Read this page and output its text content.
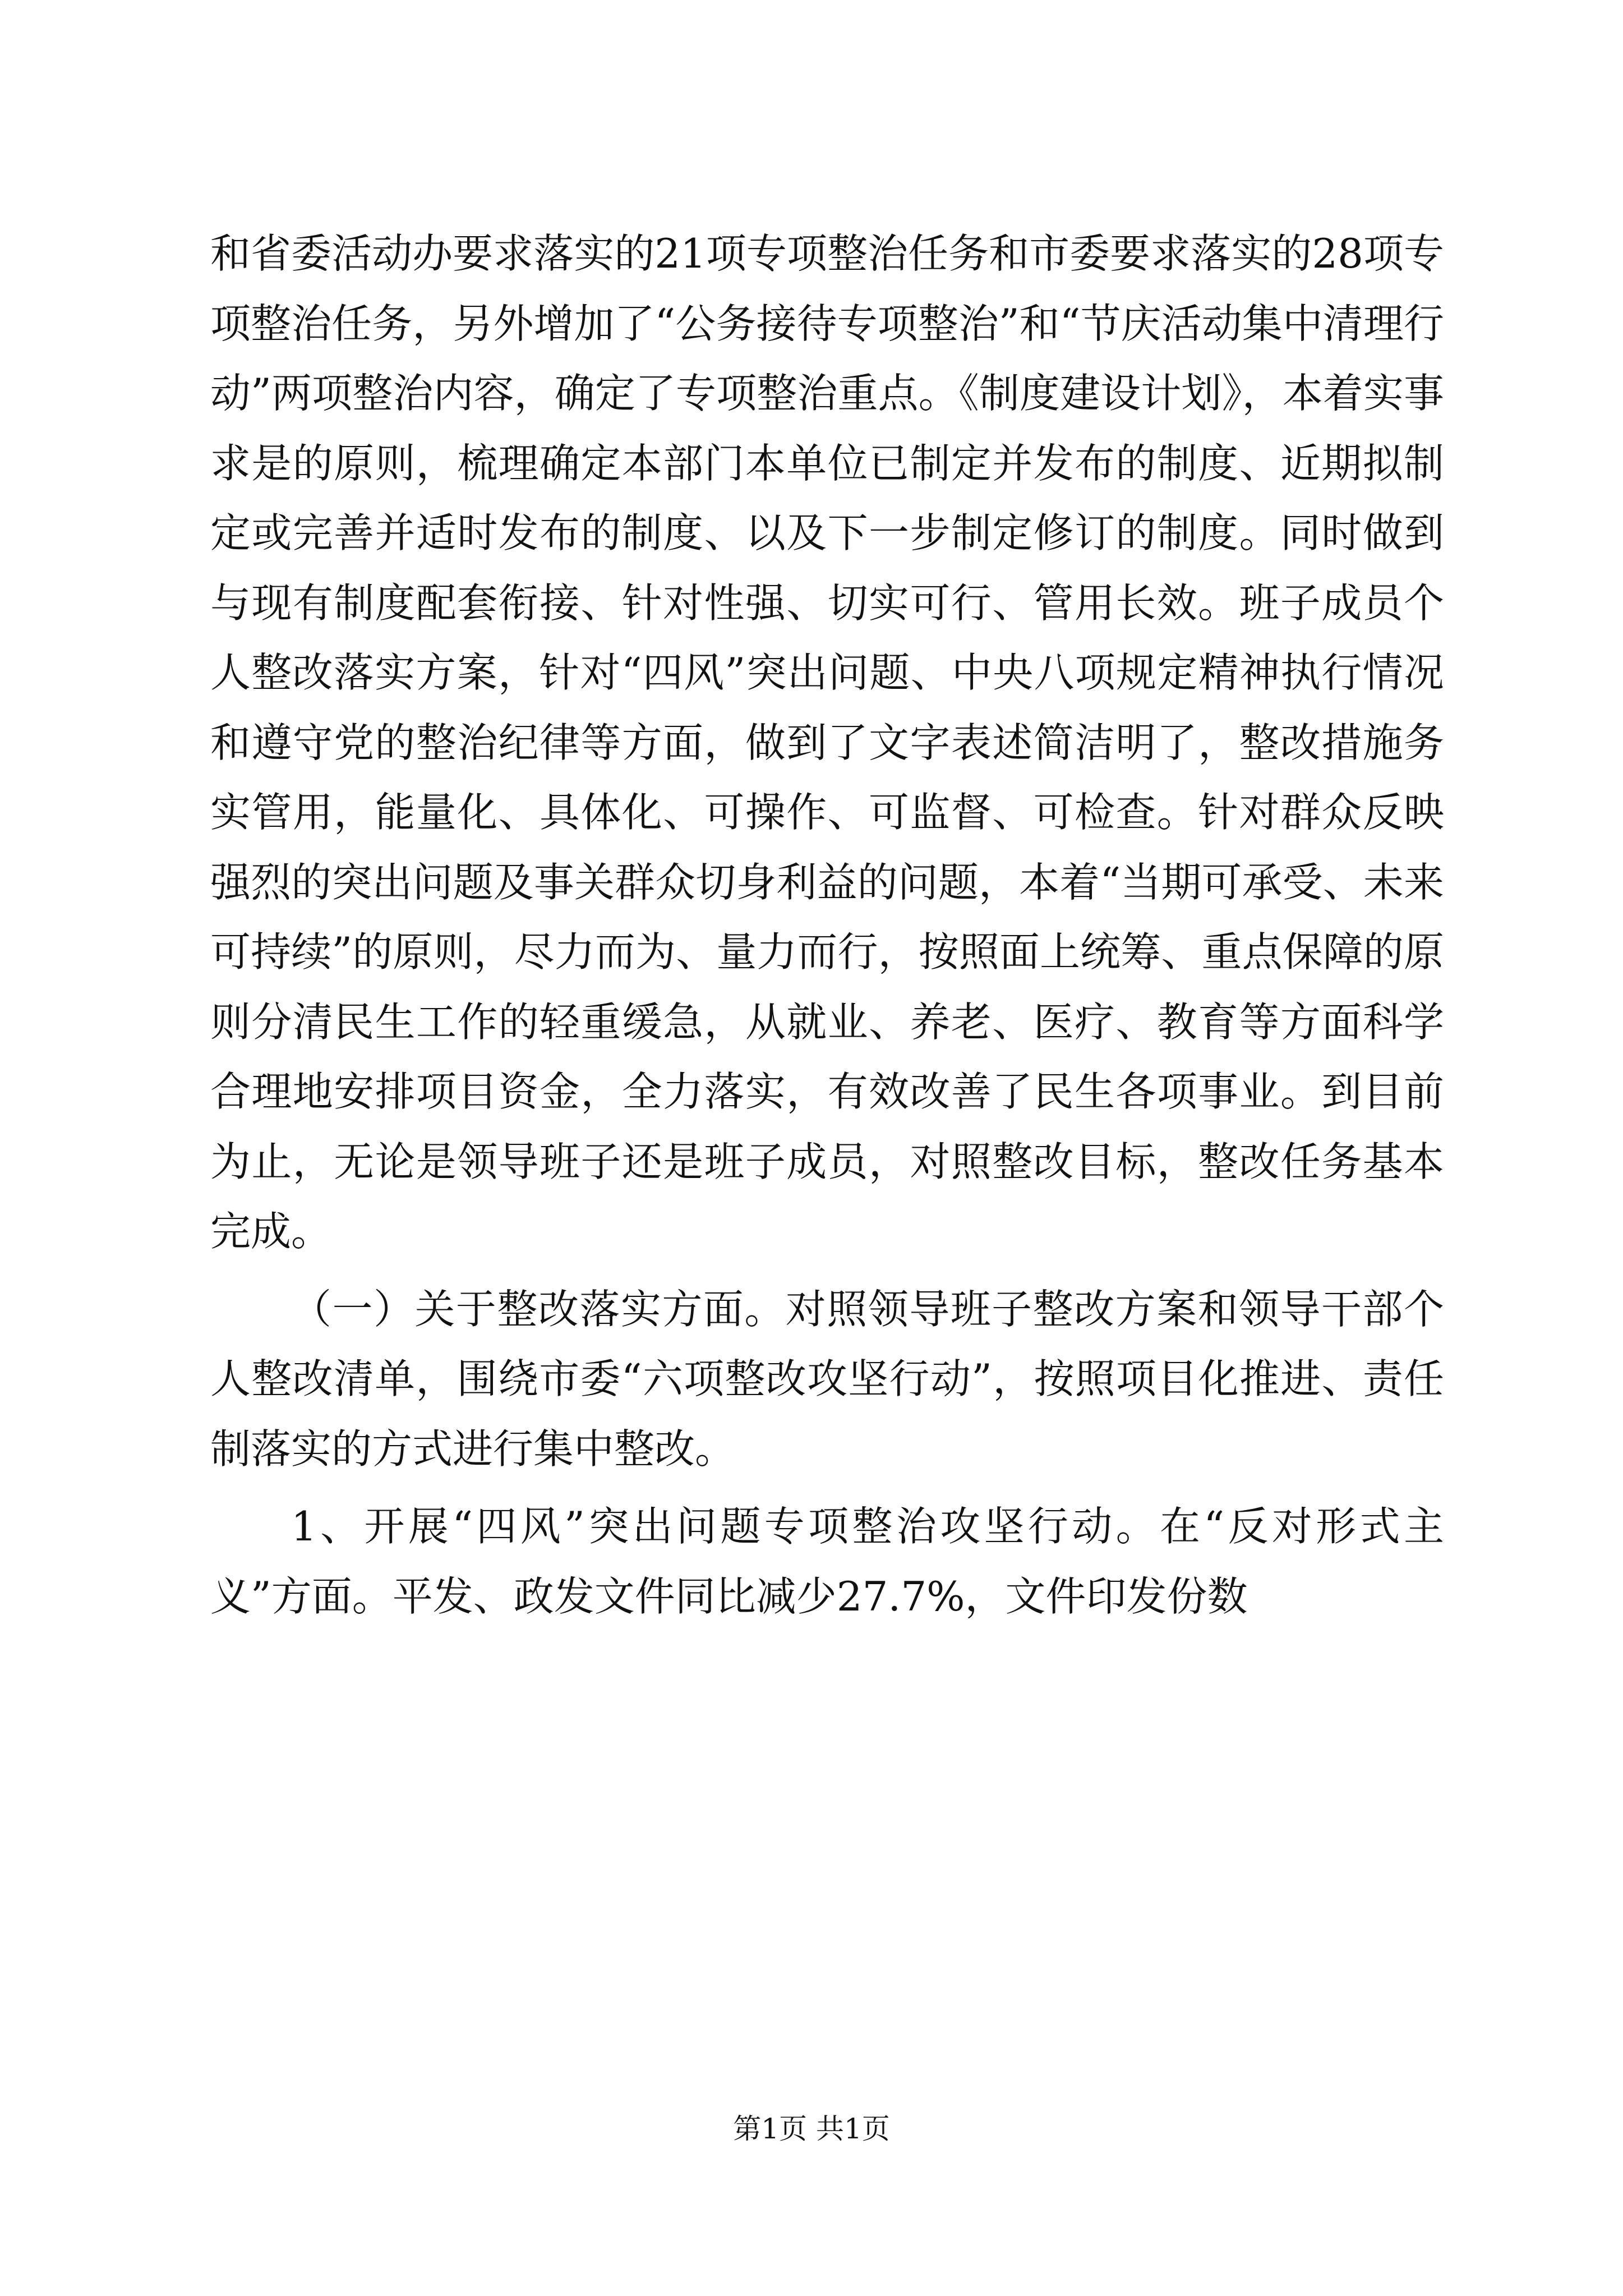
和省委活动办要求落实的21项专项整治任务和市委要求落实的28项专项整治任务，另外增加了“公务接待专项整治”和“节庆活动集中清理行动”两项整治内容，确定了专项整治重点。《制度建设计划》，本着实事求是的原则，梳理确定本部门本单位已制定并发布的制度、近期拟制定或完善并适时发布的制度、以及下一步制定修订的制度。同时做到与现有制度配套衔接、针对性强、切实可行、管用长效。班子成员个人整改落实方案，针对“四风”突出问题、中央八项规定精神执行情况和遵守党的整治纪律等方面，做到了文字表述简洁明了，整改措施务实管用，能量化、具体化、可操作、可监督、可检查。针对群众反映强烈的突出问题及事关群众切身利益的问题，本着“当期可承受、未来可持续”的原则，尽力而为、量力而行，按照面上统筹、重点保障的原则分清民生工作的轻重缓急，从就业、养老、医疗、教育等方面科学合理地安排项目资金，全力落实，有效改善了民生各项事业。到目前为止，无论是领导班子还是班子成员，对照整改目标，整改任务基本完成。

（一）关于整改落实方面。对照领导班子整改方案和领导干部个人整改清单，围绕市委“六项整改攻坚行动”，按照项目化推进、责任制落实的方式进行集中整改。

1、开展“四风”突出问题专项整治攻坚行动。在“反对形式主义”方面。平发、政发文件同比减少27.7%，文件印发份数

第1页 共1页
